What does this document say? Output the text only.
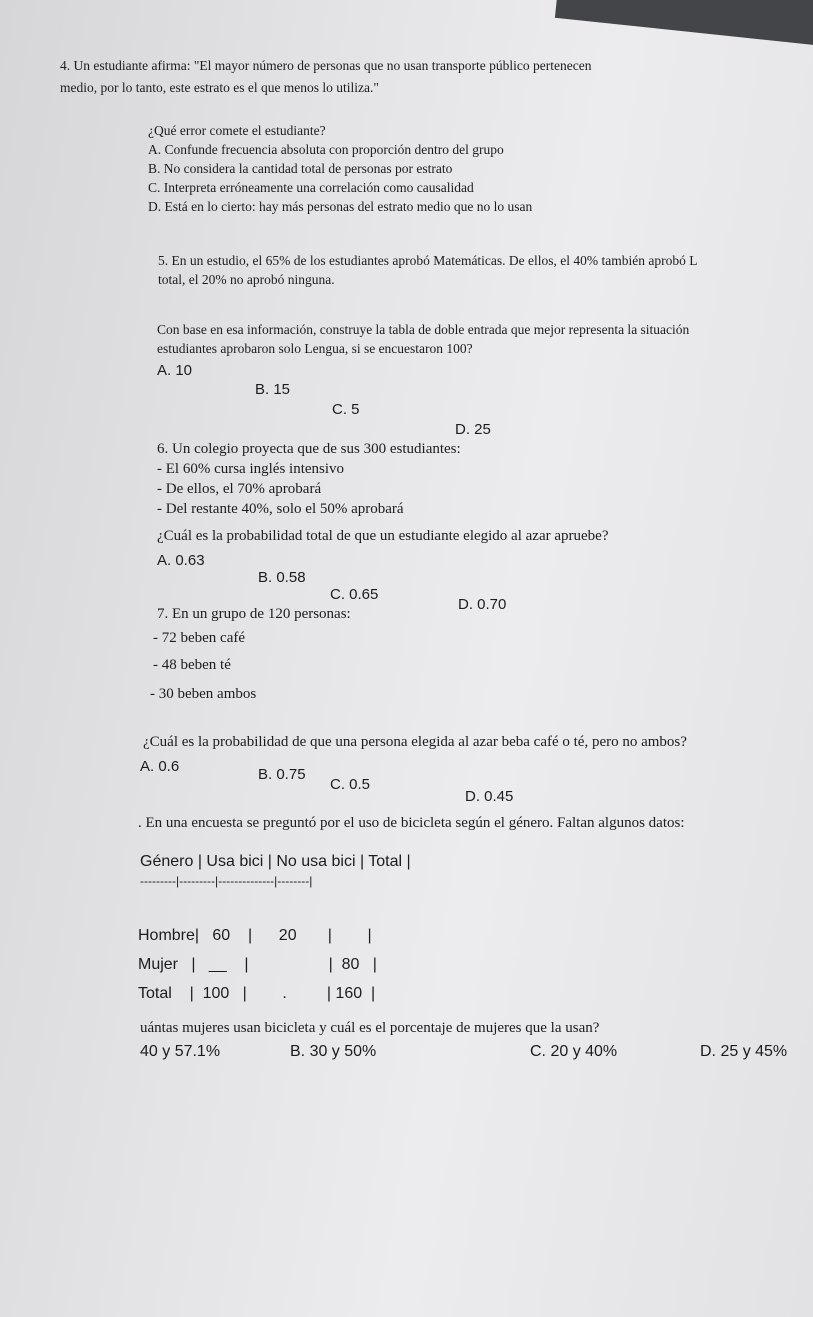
4. Un estudiante afirma: "El mayor número de personas que no usan transporte público pertenecen
medio, por lo tanto, este estrato es el que menos lo utiliza."
¿Qué error comete el estudiante?
A. Confunde frecuencia absoluta con proporción dentro del grupo
B. No considera la cantidad total de personas por estrato
C. Interpreta erróneamente una correlación como causalidad
D. Está en lo cierto: hay más personas del estrato medio que no lo usan
5. En un estudio, el 65% de los estudiantes aprobó Matemáticas. De ellos, el 40% también aprobó L
total, el 20% no aprobó ninguna.
Con base en esa información, construye la tabla de doble entrada que mejor representa la situación
estudiantes aprobaron solo Lengua, si se encuestaron 100?
A. 10
B. 15
C. 5
D. 25
6. Un colegio proyecta que de sus 300 estudiantes:
- El 60% cursa inglés intensivo
- De ellos, el 70% aprobará
- Del restante 40%, solo el 50% aprobará
¿Cuál es la probabilidad total de que un estudiante elegido al azar apruebe?
A. 0.63
B. 0.58
C. 0.65
D. 0.70
7. En un grupo de 120 personas:
- 72 beben café
- 48 beben té
- 30 beben ambos
¿Cuál es la probabilidad de que una persona elegida al azar beba café o té, pero no ambos?
A. 0.6	B. 0.75
C. 0.5
D. 0.45
. En una encuesta se preguntó por el uso de bicicleta según el género. Faltan algunos datos:
Género | Usa bici | No usa bici | Total |
---------|---------|--------------|--------|
Hombre|   60    |      20       |        |
Mujer   |   __    |                  |  80   |
Total    |  100   |        .         | 160  |
uántas mujeres usan bicicleta y cuál es el porcentaje de mujeres que la usan?
40 y 57.1%	B. 30 y 50%	C. 20 y 40%	D. 25 y 45%
